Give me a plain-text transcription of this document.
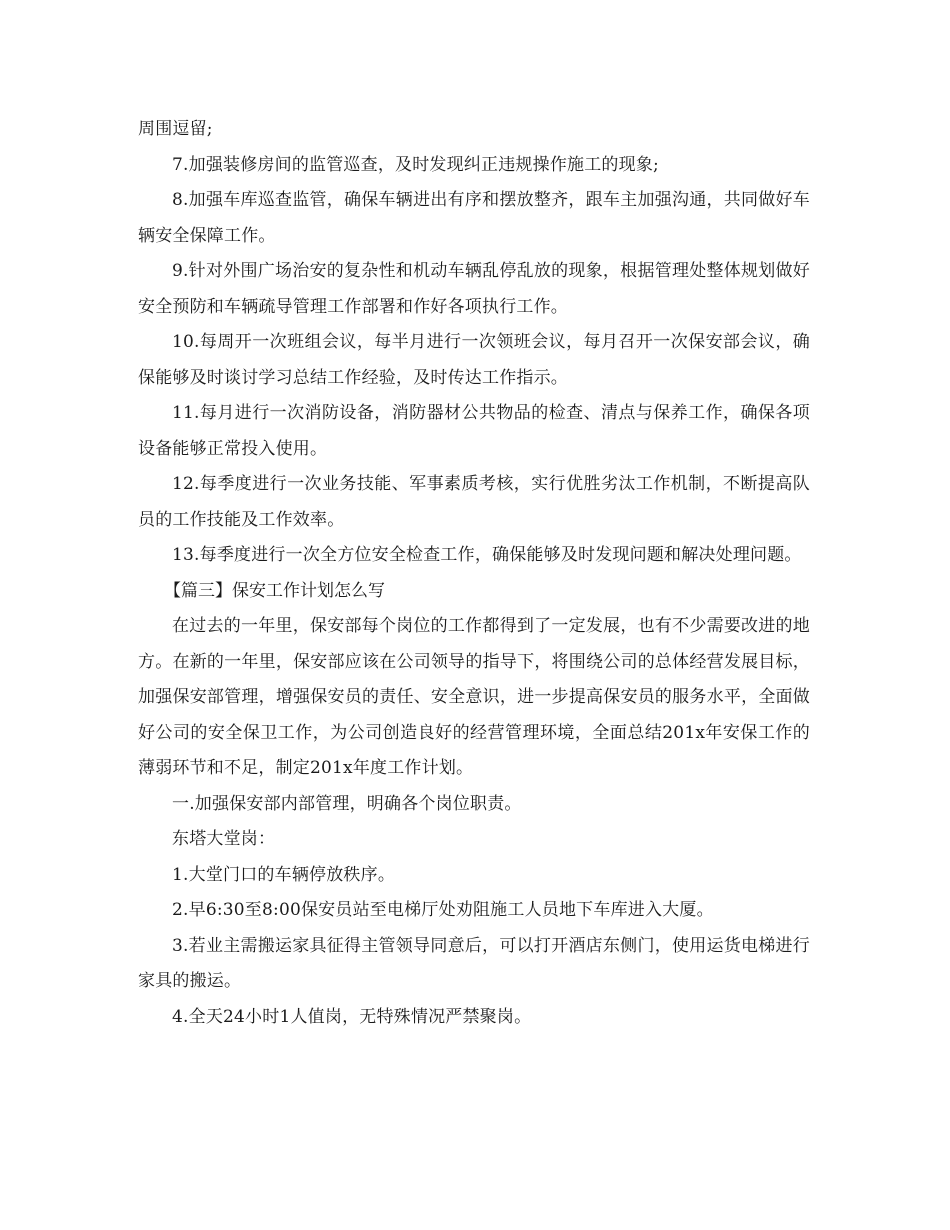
周围逗留;

7.加强装修房间的监管巡查，及时发现纠正违规操作施工的现象;

8.加强车库巡查监管，确保车辆进出有序和摆放整齐，跟车主加强沟通，共同做好车辆安全保障工作。

9.针对外围广场治安的复杂性和机动车辆乱停乱放的现象，根据管理处整体规划做好安全预防和车辆疏导管理工作部署和作好各项执行工作。

10.每周开一次班组会议，每半月进行一次领班会议，每月召开一次保安部会议，确保能够及时谈讨学习总结工作经验，及时传达工作指示。

11.每月进行一次消防设备，消防器材公共物品的检查、清点与保养工作，确保各项设备能够正常投入使用。

12.每季度进行一次业务技能、军事素质考核，实行优胜劣汰工作机制，不断提高队员的工作技能及工作效率。

13.每季度进行一次全方位安全检查工作，确保能够及时发现问题和解决处理问题。

【篇三】保安工作计划怎么写

在过去的一年里，保安部每个岗位的工作都得到了一定发展，也有不少需要改进的地方。在新的一年里，保安部应该在公司领导的指导下，将围绕公司的总体经营发展目标，加强保安部管理，增强保安员的责任、安全意识，进一步提高保安员的服务水平，全面做好公司的安全保卫工作，为公司创造良好的经营管理环境，全面总结201x年安保工作的薄弱环节和不足，制定201x年度工作计划。

一.加强保安部内部管理，明确各个岗位职责。

东塔大堂岗：

1.大堂门口的车辆停放秩序。

2.早6:30至8:00保安员站至电梯厅处劝阻施工人员地下车库进入大厦。

3.若业主需搬运家具征得主管领导同意后，可以打开酒店东侧门，使用运货电梯进行家具的搬运。

4.全天24小时1人值岗，无特殊情况严禁聚岗。
